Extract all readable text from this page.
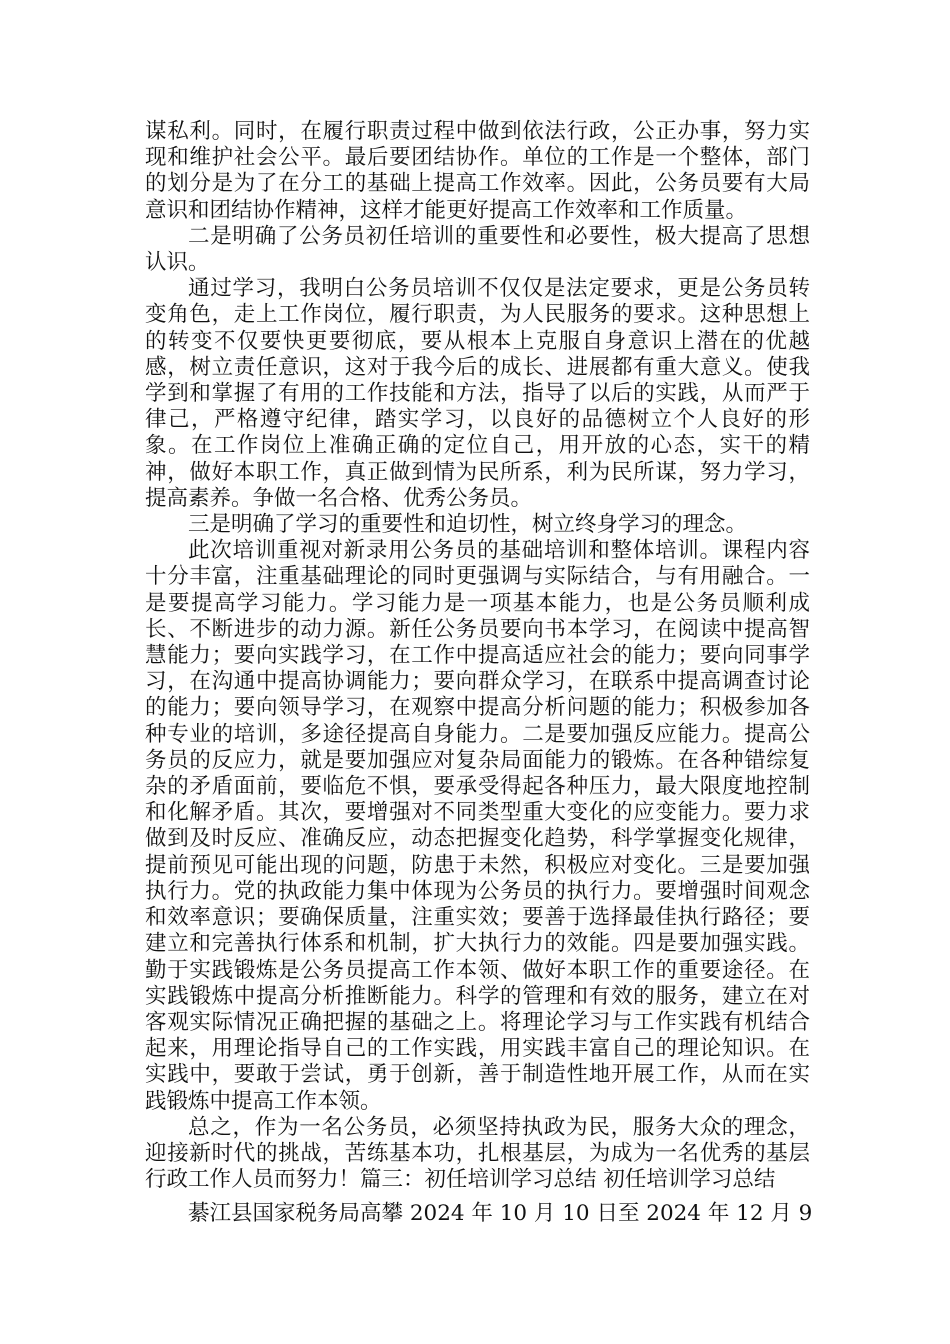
谋私利。同时，在履行职责过程中做到依法行政，公正办事，努力实现和维护社会公平。最后要团结协作。单位的工作是一个整体，部门的划分是为了在分工的基础上提高工作效率。因此，公务员要有大局意识和团结协作精神，这样才能更好提高工作效率和工作质量。

二是明确了公务员初任培训的重要性和必要性，极大提高了思想认识。

通过学习，我明白公务员培训不仅仅是法定要求，更是公务员转变角色，走上工作岗位，履行职责，为人民服务的要求。这种思想上的转变不仅要快更要彻底，要从根本上克服自身意识上潜在的优越感，树立责任意识，这对于我今后的成长、进展都有重大意义。使我学到和掌握了有用的工作技能和方法，指导了以后的实践，从而严于律己，严格遵守纪律，踏实学习，以良好的品德树立个人良好的形象。在工作岗位上准确正确的定位自己，用开放的心态，实干的精神，做好本职工作，真正做到情为民所系，利为民所谋，努力学习，提高素养。争做一名合格、优秀公务员。

三是明确了学习的重要性和迫切性，树立终身学习的理念。

此次培训重视对新录用公务员的基础培训和整体培训。课程内容十分丰富，注重基础理论的同时更强调与实际结合，与有用融合。一是要提高学习能力。学习能力是一项基本能力，也是公务员顺利成长、不断进步的动力源。新任公务员要向书本学习，在阅读中提高智慧能力；要向实践学习，在工作中提高适应社会的能力；要向同事学习，在沟通中提高协调能力；要向群众学习，在联系中提高调查讨论的能力；要向领导学习，在观察中提高分析问题的能力；积极参加各种专业的培训，多途径提高自身能力。二是要加强反应能力。提高公务员的反应力，就是要加强应对复杂局面能力的锻炼。在各种错综复杂的矛盾面前，要临危不惧，要承受得起各种压力，最大限度地控制和化解矛盾。其次，要增强对不同类型重大变化的应变能力。要力求做到及时反应、准确反应，动态把握变化趋势，科学掌握变化规律，提前预见可能出现的问题，防患于未然，积极应对变化。三是要加强执行力。党的执政能力集中体现为公务员的执行力。要增强时间观念和效率意识；要确保质量，注重实效；要善于选择最佳执行路径；要建立和完善执行体系和机制，扩大执行力的效能。四是要加强实践。勤于实践锻炼是公务员提高工作本领、做好本职工作的重要途径。在实践锻炼中提高分析推断能力。科学的管理和有效的服务，建立在对客观实际情况正确把握的基础之上。将理论学习与工作实践有机结合起来，用理论指导自己的工作实践，用实践丰富自己的理论知识。在实践中，要敢于尝试，勇于创新，善于制造性地开展工作，从而在实践锻炼中提高工作本领。

总之，作为一名公务员，必须坚持执政为民，服务大众的理念，迎接新时代的挑战，苦练基本功，扎根基层，为成为一名优秀的基层行政工作人员而努力！篇三：初任培训学习总结 初任培训学习总结

綦江县国家税务局高攀 2024 年 10 月 10 日至 2024 年 12 月 9
